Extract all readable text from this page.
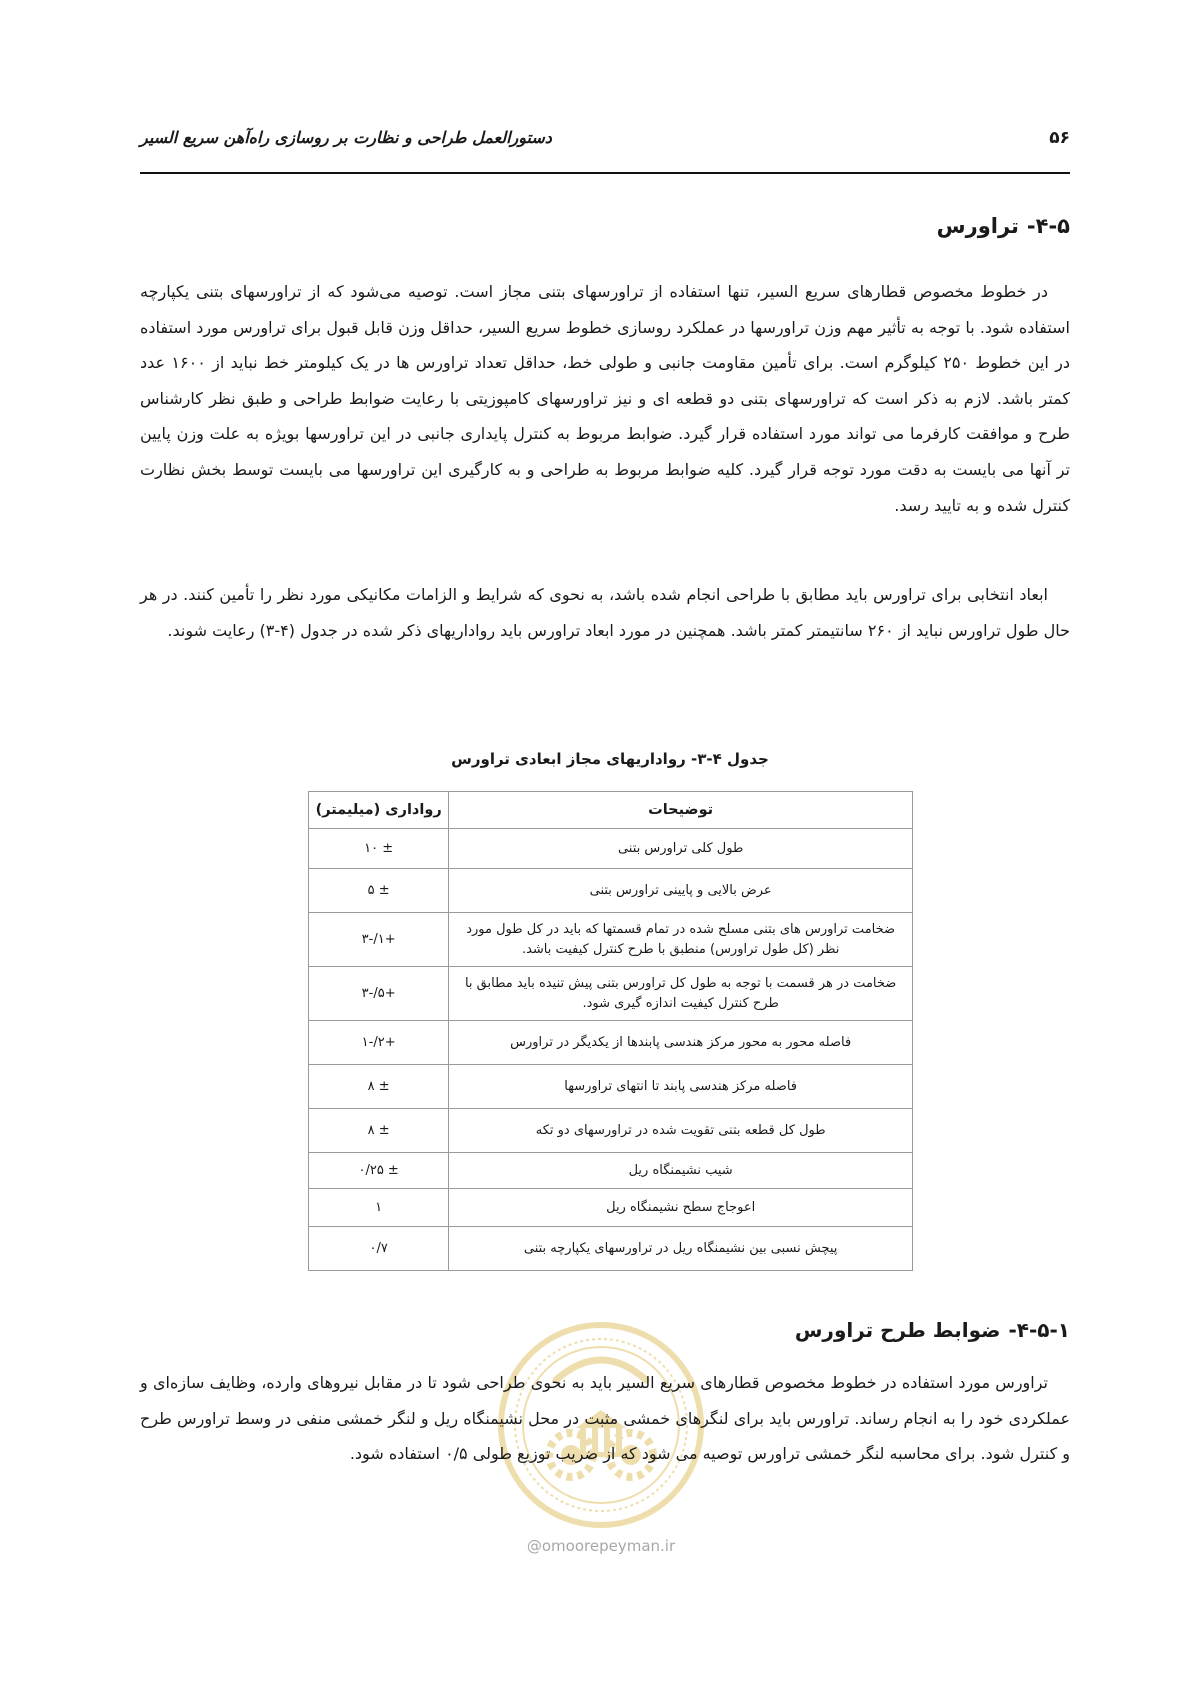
۵۶
دستورالعمل طراحی و نظارت بر روسازی راه‌آهن سریع السیر
۴-۵-تراورس

در خطوط مخصوص قطارهای سریع السیر، تنها استفاده از تراورسهای بتنی مجاز است. توصیه می‌شود که از تراورسهای بتنی یکپارچه استفاده شود. با توجه به تأثیر مهم وزن تراورسها در عملکرد روسازی خطوط سریع السیر، حداقل وزن قابل قبول برای تراورس مورد استفاده در این خطوط ۲۵۰ کیلوگرم است. برای تأمین مقاومت جانبی و طولی خط، حداقل تعداد تراورس ها در یک کیلومتر خط نباید از ۱۶۰۰ عدد کمتر باشد. لازم به ذکر است که تراورسهای بتنی دو قطعه ای و نیز تراورسهای کامپوزیتی با رعایت ضوابط طراحی و طبق نظر کارشناس طرح و موافقت کارفرما می تواند مورد استفاده قرار گیرد. ضوابط مربوط به کنترل پایداری جانبی در این تراورسها بویژه به علت وزن پایین تر آنها می بایست به دقت مورد توجه قرار گیرد. کلیه ضوابط مربوط به طراحی و به کارگیری این تراورسها می بایست توسط بخش نظارت کنترل شده و به تایید رسد.

ابعاد انتخابی برای تراورس باید مطابق با طراحی انجام شده باشد، به نحوی که شرایط و الزامات مکانیکی مورد نظر را تأمین کنند. در هر حال طول تراورس نباید از ۲۶۰ سانتیمتر کمتر باشد. همچنین در مورد ابعاد تراورس باید رواداریهای ذکر شده در جدول (۴-۳) رعایت شوند.

جدول ۴-۳- رواداریهای مجاز ابعادی تراورس
توضیحات	رواداری (میلیمتر)
طول کلی تراورس بتنی	± ۱۰
عرض بالایی و پایینی تراورس بتنی	± ۵
ضخامت تراورس های بتنی مسلح شده در تمام قسمتها که باید در کل طول مورد نظر (کل طول تراورس) منطبق با طرح کنترل کیفیت باشد.	+۱/-۳
ضخامت در هر قسمت با توجه به طول کل تراورس بتنی پیش تنیده باید مطابق با طرح کنترل کیفیت اندازه گیری شود.	+۵/-۳
فاصله محور به محور مرکز هندسی پابندها از یکدیگر در تراورس	+۲/-۱
فاصله مرکز هندسی پابند تا انتهای تراورسها	± ۸
طول کل قطعه بتنی تقویت شده در تراورسهای دو تکه	± ۸
شیب نشیمنگاه ریل	± ۰/۲۵
اعوجاج سطح نشیمنگاه ریل	۱
پیچش نسبی بین نشیمنگاه ریل در تراورسهای یکپارچه بتنی	۰/۷
۴-۵-۱-ضوابط طرح تراورس
@omoorepeyman.ir

تراورس مورد استفاده در خطوط مخصوص قطارهای سریع السیر باید به نحوی طراحی شود تا در مقابل نیروهای وارده، وظایف سازه‌ای و عملکردی خود را به انجام رساند. تراورس باید برای لنگرهای خمشی مثبت در محل نشیمنگاه ریل و لنگر خمشی منفی در وسط تراورس طرح و کنترل شود. برای محاسبه لنگر خمشی تراورس توصیه می شود که از ضریب توزیع طولی ۰/۵ استفاده شود.
